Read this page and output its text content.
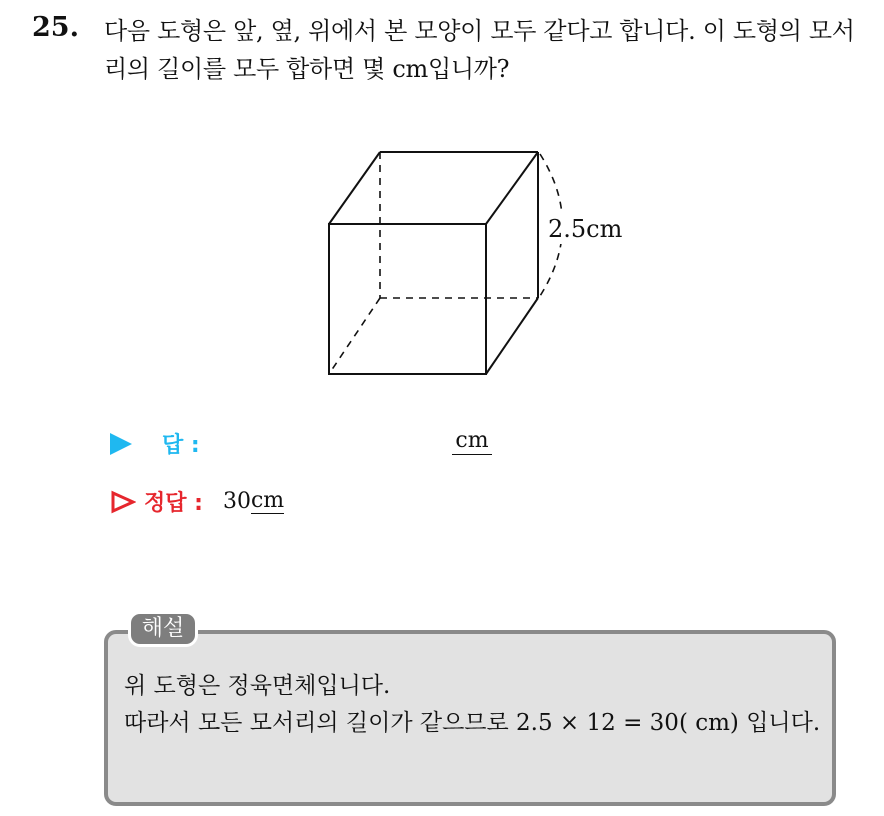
25. 다음 도형은 앞, 옆, 위에서 본 모양이 모두 같다고 합니다. 이 도형의 모서리의 길이를 모두 합하면 몇 cm입니까?
2.5cm
답 :	cm
정답 : 30 cm
해설
위 도형은 정육면체입니다.
따라서 모든 모서리의 길이가 같으므로 2.5 × 12 = 30( cm) 입니다.
